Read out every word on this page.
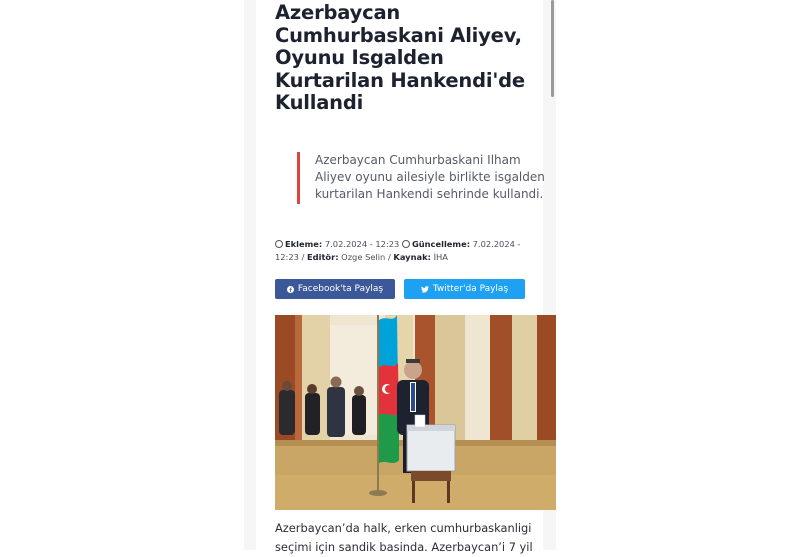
Azerbaycan Cumhurbaskani Aliyev, Oyunu Isgalden Kurtarilan Hankendi'de Kullandi
Azerbaycan Cumhurbaskani Ilham Aliyev oyunu ailesiyle birlikte isgalden kurtarilan Hankendi sehrinde kullandi.
Ekleme: 7.02.2024 - 12:23 Güncelleme: 7.02.2024 - 12:23 / Editör: Ozge Selin / Kaynak: İHA
Facebook'ta Paylaş	Twitter'da Paylaş
Azerbaycan’da halk, erken cumhurbaskanligi seçimi için sandik basinda. Azerbaycan’i 7 yil
